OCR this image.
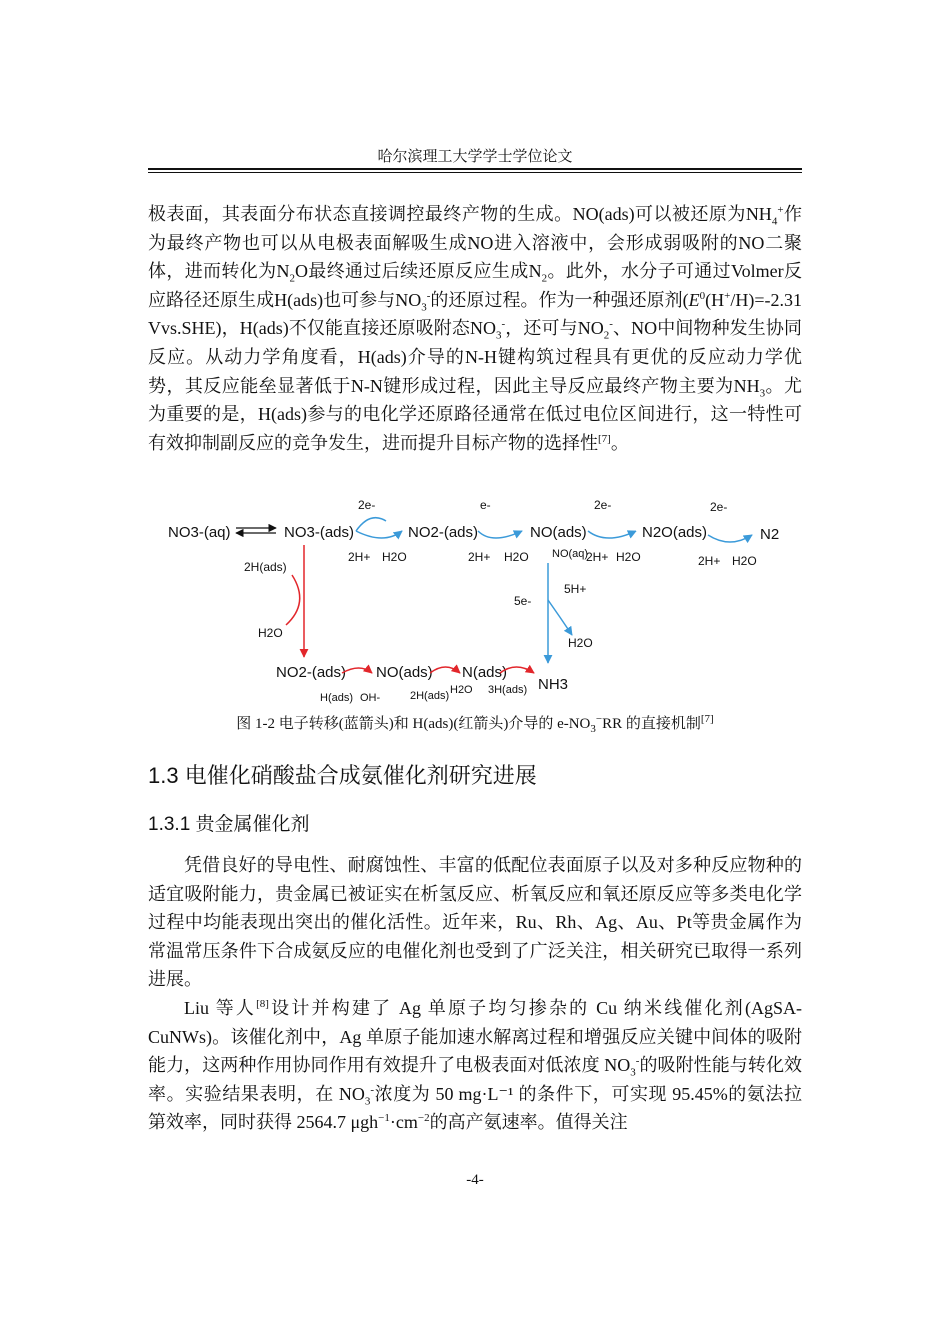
哈尔滨理工大学学士学位论文

极表面，其表面分布状态直接调控最终产物的生成。NO(ads)可以被还原为$NH_4^+$作为最终产物也可以从电极表面解吸生成NO进入溶液中，会形成弱吸附的NO二聚体，进而转化为$N_2O$最终通过后续还原反应生成$N_2$。此外，水分子可通过Volmer反应路径还原生成H(ads)也可参与$NO_3^-$的还原过程。作为一种强还原剂($E^0(H^+/H)=-2.31$ Vvs.SHE)，H(ads)不仅能直接还原吸附态$NO_3^-$，还可与$NO_2^-$、NO中间物种发生协同反应。从动力学角度看，H(ads)介导的N-H键构筑过程具有更优的反应动力学优势，其反应能垒显著低于N-N键形成过程，因此主导反应最终产物主要为$NH_3$。尤为重要的是，H(ads)参与的电化学还原路径通常在低过电位区间进行，这一特性可有效抑制副反应的竞争发生，进而提升目标产物的选择性[7]。

NO3-(aq)	NO3-(ads)
2e-
2H+ H2O
NO2-(ads)
e-
2H+ H2O
NO(ads)
NO(aq)
2e-
2H+ H2O
N2O(ads)
2e-
2H+ H2O
N2
5e-
5H+
H2O
2H(ads)
H2O
NO2-(ads)
H(ads) OH-
NO(ads)
2H(ads) H2O
N(ads)
3H(ads) NH3
图 1-2 电子转移(蓝箭头)和 H(ads)(红箭头)介导的 $e-NO_3^-RR$ 的直接机制[7]
1.3 电催化硝酸盐合成氨催化剂研究进展
1.3.1 贵金属催化剂

凭借良好的导电性、耐腐蚀性、丰富的低配位表面原子以及对多种反应物种的适宜吸附能力，贵金属已被证实在析氢反应、析氧反应和氧还原反应等多类电化学过程中均能表现出突出的催化活性。近年来，Ru、Rh、Ag、Au、Pt等贵金属作为常温常压条件下合成氨反应的电催化剂也受到了广泛关注，相关研究已取得一系列进展。

Liu 等人[8]设计并构建了 Ag 单原子均匀掺杂的 Cu 纳米线催化剂(AgSA-CuNWs)。该催化剂中，Ag 单原子能加速水解离过程和增强反应关键中间体的吸附能力，这两种作用协同作用有效提升了电极表面对低浓度 $NO_3^-$的吸附性能与转化效率。实验结果表明，在 $NO_3^-$浓度为 50 mg·L⁻¹ 的条件下，可实现 95.45%的氨法拉第效率，同时获得 2564.7 $\mu gh^{-1}\cdot cm^{-2}$的高产氨速率。值得关注

-4-
